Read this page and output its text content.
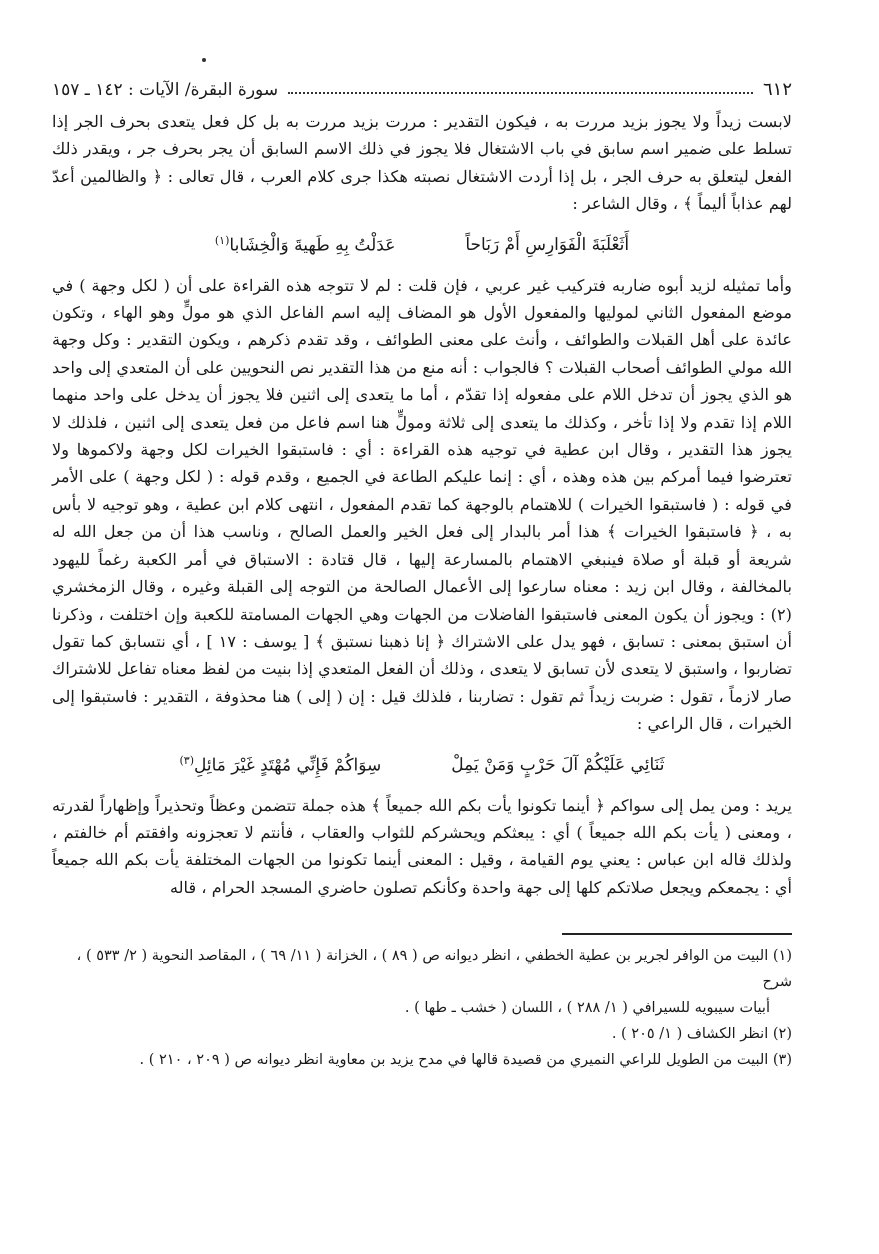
٦١٢
سورة البقرة/ الآيات : ١٤٢ ـ ١٥٧

لابست زيداً ولا يجوز بزيد مررت به ، فيكون التقدير : مررت بزيد مررت به بل كل فعل يتعدى بحرف الجر إذا تسلط على ضمير اسم سابق في باب الاشتغال فلا يجوز في ذلك الاسم السابق أن يجر بحرف جر ، ويقدر ذلك الفعل ليتعلق به حرف الجر ، بل إذا أردت الاشتغال نصبته هكذا جرى كلام العرب ، قال تعالى : ﴿ والظالمين أعدّ لهم عذاباً أليماً ﴾ ، وقال الشاعر :

أَثَعْلَبَةَ الْفَوَارِسِ أَمْ رَبَاحاً
عَدَلْتُ بِهِ طَهيةَ وَالْخِشَابا$^{(١)}$

وأما تمثيله لزيد أبوه ضاربه فتركيب غير عربي ، فإن قلت : لم لا تتوجه هذه القراءة على أن ( لكل وجهة ) في موضع المفعول الثاني لموليها والمفعول الأول هو المضاف إليه اسم الفاعل الذي هو مولٍّ وهو الهاء ، وتكون عائدة على أهل القبلات والطوائف ، وأنث على معنى الطوائف ، وقد تقدم ذكرهم ، ويكون التقدير : وكل وجهة الله مولي الطوائف أصحاب القبلات ؟ فالجواب : أنه منع من هذا التقدير نص النحويين على أن المتعدي إلى واحد هو الذي يجوز أن تدخل اللام على مفعوله إذا تقدّم ، أما ما يتعدى إلى اثنين فلا يجوز أن يدخل على واحد منهما اللام إذا تقدم ولا إذا تأخر ، وكذلك ما يتعدى إلى ثلاثة ومولٍّ هنا اسم فاعل من فعل يتعدى إلى اثنين ، فلذلك لا يجوز هذا التقدير ، وقال ابن عطية في توجيه هذه القراءة : أي : فاستبقوا الخيرات لكل وجهة ولاكموها ولا تعترضوا فيما أمركم بين هذه وهذه ، أي : إنما عليكم الطاعة في الجميع ، وقدم قوله : ( لكل وجهة ) على الأمر في قوله : ( فاستبقوا الخيرات ) للاهتمام بالوجهة كما تقدم المفعول ، انتهى كلام ابن عطية ، وهو توجيه لا بأس به ، ﴿ فاستبقوا الخيرات ﴾ هذا أمر بالبدار إلى فعل الخير والعمل الصالح ، وناسب هذا أن من جعل الله له شريعة أو قبلة أو صلاة فينبغي الاهتمام بالمسارعة إليها ، قال قتادة : الاستباق في أمر الكعبة رغماً لليهود بالمخالفة ، وقال ابن زيد : معناه سارعوا إلى الأعمال الصالحة من التوجه إلى القبلة وغيره ، وقال الزمخشري (٢) : ويجوز أن يكون المعنى فاستبقوا الفاضلات من الجهات وهي الجهات المسامتة للكعبة وإن اختلفت ، وذكرنا أن استبق بمعنى : تسابق ، فهو يدل على الاشتراك ﴿ إنا ذهبنا نستبق ﴾ [ يوسف : ١٧ ] ، أي نتسابق كما تقول تضاربوا ، واستبق لا يتعدى لأن تسابق لا يتعدى ، وذلك أن الفعل المتعدي إذا بنيت من لفظ معناه تفاعل للاشتراك صار لازماً ، تقول : ضربت زيداً ثم تقول : تضاربنا ، فلذلك قيل : إن ( إلى ) هنا محذوفة ، التقدير : فاستبقوا إلى الخيرات ، قال الراعي :

ثَنَائِي عَلَيْكُمْ آلَ حَرْبٍ وَمَنْ يَمِلْ
سِوَاكُمْ فَإِنِّي مُهْتَدٍ غَيْرَ مَائِلِ$^{(٣)}$

يريد : ومن يمل إلى سواكم ﴿ أينما تكونوا يأت بكم الله جميعاً ﴾ هذه جملة تتضمن وعظاً وتحذيراً وإظهاراً لقدرته ، ومعنى ( يأت بكم الله جميعاً ) أي : يبعثكم ويحشركم للثواب والعقاب ، فأنتم لا تعجزونه وافقتم أم خالفتم ، ولذلك قاله ابن عباس : يعني يوم القيامة ، وقيل : المعنى أينما تكونوا من الجهات المختلفة يأت بكم الله جميعاً أي : يجمعكم ويجعل صلاتكم كلها إلى جهة واحدة وكأنكم تصلون حاضري المسجد الحرام ، قاله

(١) البيت من الوافر لجرير بن عطية الخطفي ، انظر ديوانه ص ( ٨٩ ) ، الخزانة ( ١١/ ٦٩ ) ، المقاصد النحوية ( ٢/ ٥٣٣ ) ، شرح

أبيات سيبويه للسيرافي ( ١/ ٢٨٨ ) ، اللسان ( خشب ـ طها ) .

(٢) انظر الكشاف ( ١/ ٢٠٥ ) .

(٣) البيت من الطويل للراعي النميري من قصيدة قالها في مدح يزيد بن معاوية انظر ديوانه ص ( ٢٠٩ ، ٢١٠ ) .
